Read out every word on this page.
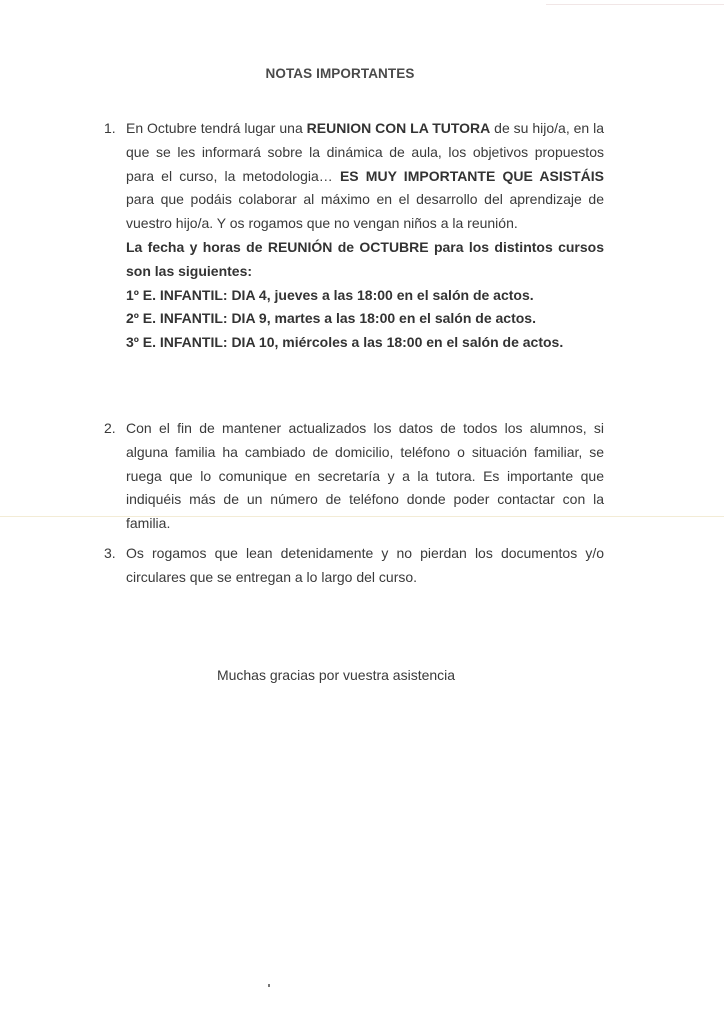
NOTAS IMPORTANTES
1. En Octubre tendrá lugar una REUNION CON LA TUTORA de su hijo/a, en la que se les informará sobre la dinámica de aula, los objetivos propuestos para el curso, la metodologia… ES MUY IMPORTANTE QUE ASISTÁIS para que podáis colaborar al máximo en el desarrollo del aprendizaje de vuestro hijo/a. Y os rogamos que no vengan niños a la reunión.

La fecha y horas de REUNIÓN de OCTUBRE para los distintos cursos son las siguientes:

1º E. INFANTIL: DIA 4, jueves a las 18:00 en el salón de actos.

2º E. INFANTIL: DIA 9, martes a las 18:00 en el salón de actos.

3º E. INFANTIL: DIA 10, miércoles a las 18:00 en el salón de actos.

2. Con el fin de mantener actualizados los datos de todos los alumnos, si alguna familia ha cambiado de domicilio, teléfono o situación familiar, se ruega que lo comunique en secretaría y a la tutora. Es importante que indiquéis más de un número de teléfono donde poder contactar con la familia.

3. Os rogamos que lean detenidamente y no pierdan los documentos y/o circulares que se entregan a lo largo del curso.

Muchas gracias por vuestra asistencia
